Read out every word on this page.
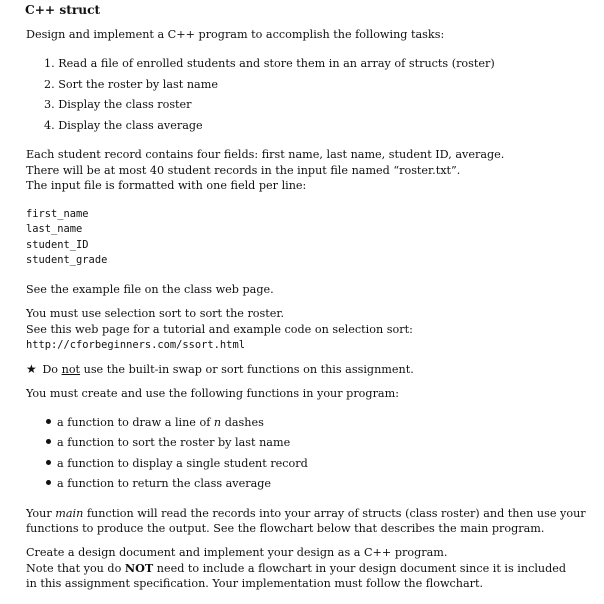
C++ struct
Design and implement a C++ program to accomplish the following tasks:
1. Read a file of enrolled students and store them in an array of structs (roster)
2. Sort the roster by last name
3. Display the class roster
4. Display the class average
Each student record contains four fields: first name, last name, student ID, average.
There will be at most 40 student records in the input file named “roster.txt”.
The input file is formatted with one field per line:
first_name
last_name
student_ID
student_grade
See the example file on the class web page.
You must use selection sort to sort the roster.
See this web page for a tutorial and example code on selection sort:
http://cforbeginners.com/ssort.html
★ Do not use the built-in swap or sort functions on this assignment.
You must create and use the following functions in your program:
a function to draw a line of n dashes
a function to sort the roster by last name
a function to display a single student record
a function to return the class average
Your main function will read the records into your array of structs (class roster) and then use your
functions to produce the output. See the flowchart below that describes the main program.
Create a design document and implement your design as a C++ program.
Note that you do NOT need to include a flowchart in your design document since it is included
in this assignment specification. Your implementation must follow the flowchart.
